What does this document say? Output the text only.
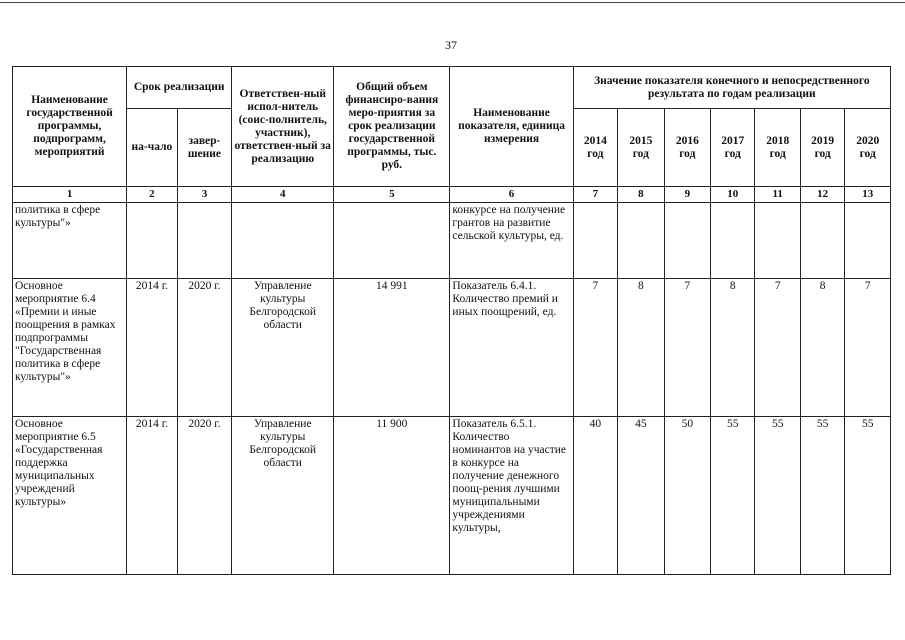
37
Наименование государственной программы, подпрограмм, мероприятий	Срок реализации		Ответствен-ный испол-нитель (соис-полнитель, участник), ответствен-ный за реализацию	Общий объем финансиро-вания меро-приятия за срок реализации государственной программы, тыс. руб.	Наименование показателя, единица измерения	Значение показателя конечного и непосредственного результата по годам реализации						
	на-чало	завер-шение				2014 год	2015 год	2016 год	2017 год	2018 год	2019 год	2020 год
1	2	3	4	5	6	7	8	9	10	11	12	13
политика в сфере культуры"»					конкурсе на получение грантов на развитие сельской культуры, ед.							
Основное мероприятие 6.4 «Премии и иные поощрения в рамках подпрограммы "Государственная политика в сфере культуры"»	2014 г.	2020 г.	Управление культуры Белгородской области	14 991	Показатель 6.4.1. Количество премий и иных поощрений, ед.	7	8	7	8	7	8	7
Основное мероприятие 6.5 «Государственная поддержка муниципальных учреждений культуры»	2014 г.	2020 г.	Управление культуры Белгородской области	11 900	Показатель 6.5.1. Количество номинантов на участие в конкурсе на получение денежного поощ-рения лучшими муниципальными учреждениями культуры,	40	45	50	55	55	55	55
